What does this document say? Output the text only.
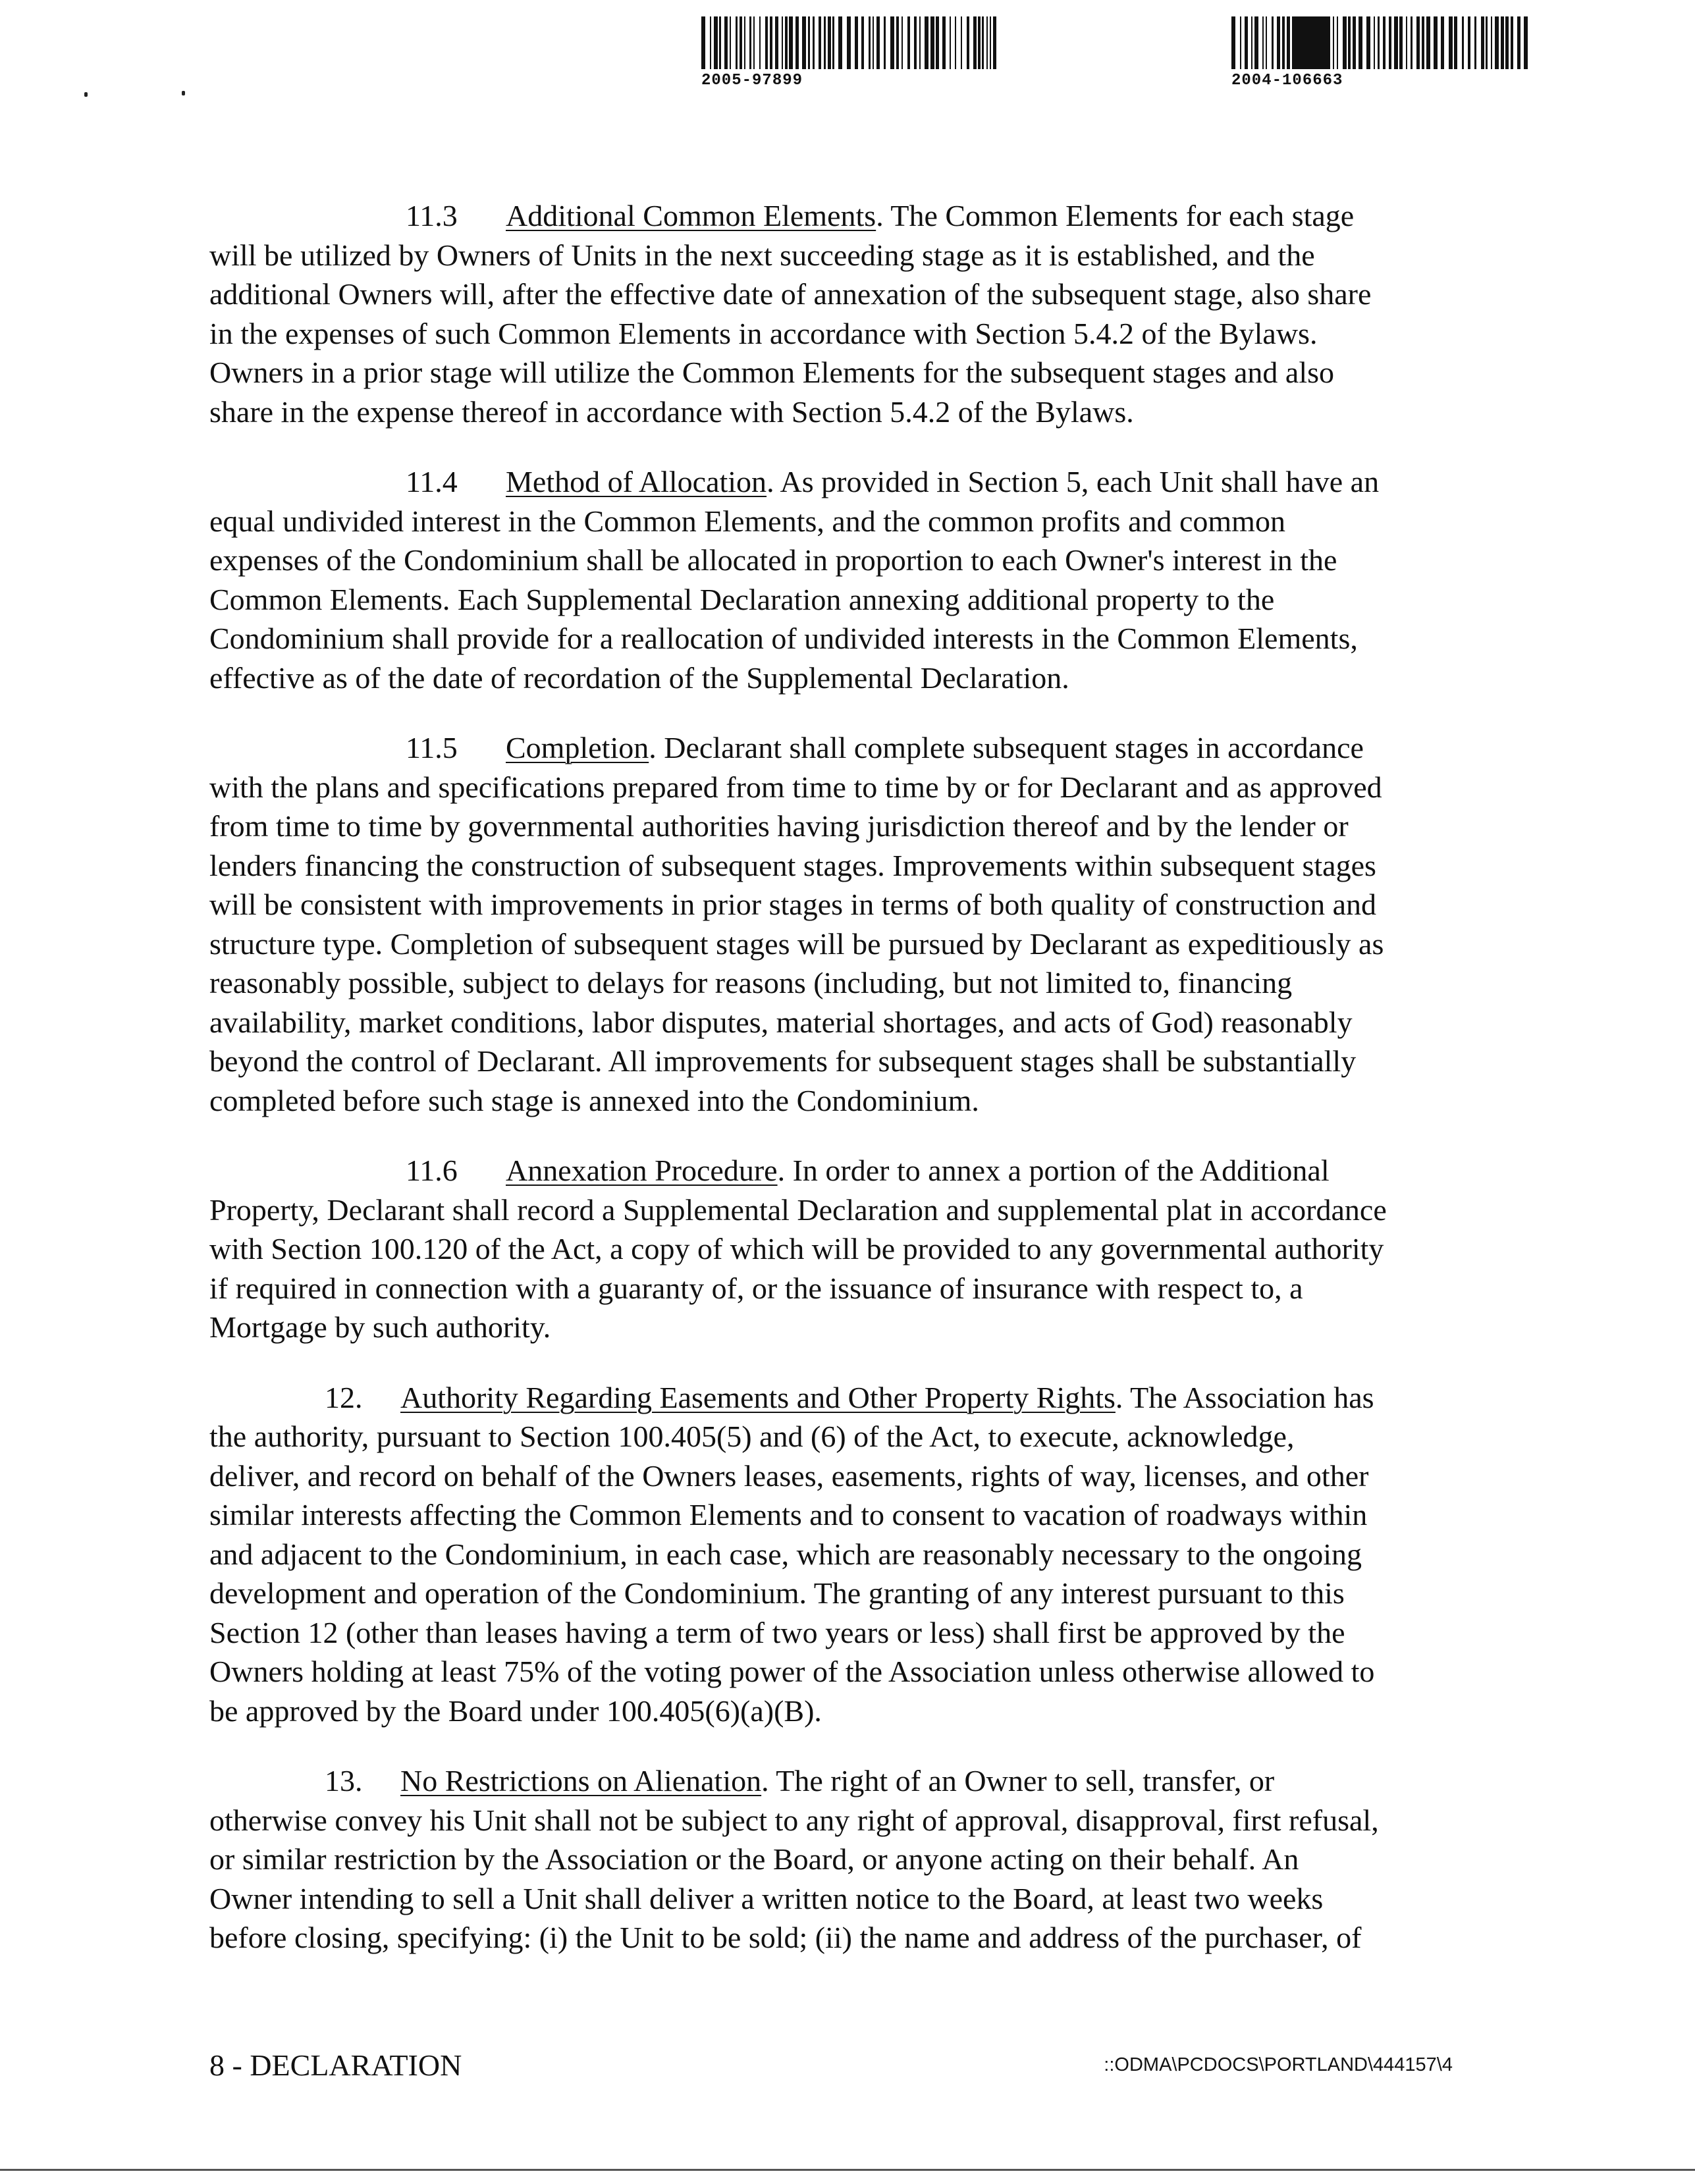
2005-97899	2004-106663
11.3 Additional Common Elements. The Common Elements for each stage
will be utilized by Owners of Units in the next succeeding stage as it is established, and the
additional Owners will, after the effective date of annexation of the subsequent stage, also share
in the expenses of such Common Elements in accordance with Section 5.4.2 of the Bylaws.
Owners in a prior stage will utilize the Common Elements for the subsequent stages and also
share in the expense thereof in accordance with Section 5.4.2 of the Bylaws.
11.4 Method of Allocation. As provided in Section 5, each Unit shall have an
equal undivided interest in the Common Elements, and the common profits and common
expenses of the Condominium shall be allocated in proportion to each Owner's interest in the
Common Elements. Each Supplemental Declaration annexing additional property to the
Condominium shall provide for a reallocation of undivided interests in the Common Elements,
effective as of the date of recordation of the Supplemental Declaration.
11.5 Completion. Declarant shall complete subsequent stages in accordance
with the plans and specifications prepared from time to time by or for Declarant and as approved
from time to time by governmental authorities having jurisdiction thereof and by the lender or
lenders financing the construction of subsequent stages. Improvements within subsequent stages
will be consistent with improvements in prior stages in terms of both quality of construction and
structure type. Completion of subsequent stages will be pursued by Declarant as expeditiously as
reasonably possible, subject to delays for reasons (including, but not limited to, financing
availability, market conditions, labor disputes, material shortages, and acts of God) reasonably
beyond the control of Declarant. All improvements for subsequent stages shall be substantially
completed before such stage is annexed into the Condominium.
11.6 Annexation Procedure. In order to annex a portion of the Additional
Property, Declarant shall record a Supplemental Declaration and supplemental plat in accordance
with Section 100.120 of the Act, a copy of which will be provided to any governmental authority
if required in connection with a guaranty of, or the issuance of insurance with respect to, a
Mortgage by such authority.
12. Authority Regarding Easements and Other Property Rights. The Association has
the authority, pursuant to Section 100.405(5) and (6) of the Act, to execute, acknowledge,
deliver, and record on behalf of the Owners leases, easements, rights of way, licenses, and other
similar interests affecting the Common Elements and to consent to vacation of roadways within
and adjacent to the Condominium, in each case, which are reasonably necessary to the ongoing
development and operation of the Condominium. The granting of any interest pursuant to this
Section 12 (other than leases having a term of two years or less) shall first be approved by the
Owners holding at least 75% of the voting power of the Association unless otherwise allowed to
be approved by the Board under 100.405(6)(a)(B).
13. No Restrictions on Alienation. The right of an Owner to sell, transfer, or
otherwise convey his Unit shall not be subject to any right of approval, disapproval, first refusal,
or similar restriction by the Association or the Board, or anyone acting on their behalf. An
Owner intending to sell a Unit shall deliver a written notice to the Board, at least two weeks
before closing, specifying: (i) the Unit to be sold; (ii) the name and address of the purchaser, of
8 - DECLARATION	::ODMA\PCDOCS\PORTLAND\444157\4
